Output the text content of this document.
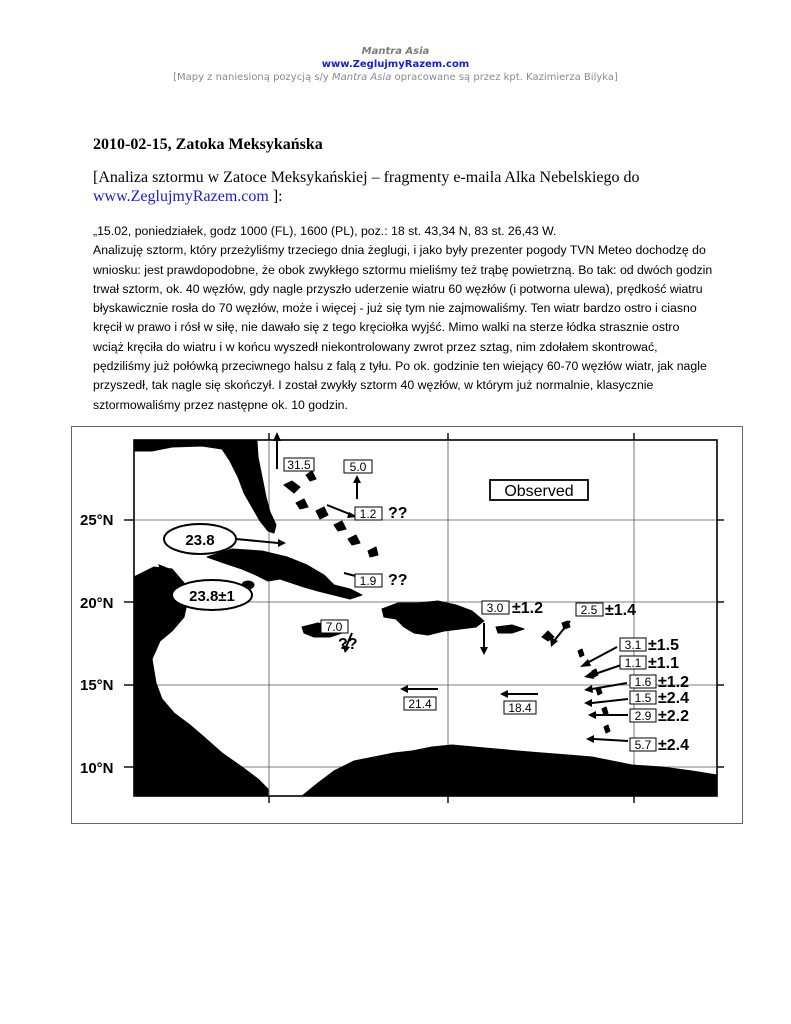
Mantra Asia
www.ZeglujmyRazem.com
[Mapy z naniesioną pozycją s/y Mantra Asia opracowane są przez kpt. Kazimierza Bilyka]
2010-02-15, Zatoka Meksykańska
[Analiza sztormu w Zatoce Meksykańskiej – fragmenty e-maila Alka Nebelskiego do www.ZeglujmyRazem.com ]:

„15.02, poniedziałek, godz 1000 (FL), 1600 (PL), poz.: 18 st. 43,34 N, 83 st. 26,43 W.

Analizuję sztorm, który przeżyliśmy trzeciego dnia żeglugi, i jako były prezenter pogody TVN Meteo dochodzę do wniosku: jest prawdopodobne, że obok zwykłego sztormu mieliśmy też trąbę powietrzną. Bo tak: od dwóch godzin trwał sztorm, ok. 40 węzłów, gdy nagle przyszło uderzenie wiatru 60 węzłów (i potworna ulewa), prędkość wiatru błyskawicznie rosła do 70 węzłów, może i więcej - już się tym nie zajmowaliśmy. Ten wiatr bardzo ostro i ciasno kręcił w prawo i rósł w siłę, nie dawało się z tego kręciołka wyjść. Mimo walki na sterze łódka strasznie ostro wciąż kręciła do wiatru i w końcu wyszedł niekontrolowany zwrot przez sztag, nim zdołałem skontrować, pędziliśmy już połówką przeciwnego halsu z falą z tyłu. Po ok. godzinie ten wiejący 60-70 węzłów wiatr, jak nagle przyszedł, tak nagle się skończył. I został zwykły sztorm 40 węzłów, w którym już normalnie, klasycznie sztormowaliśmy przez następne ok. 10 godzin.

25°N
20°N
15°N
10°N
Observed
23.8
23.8±1
31.5	5.0
1.2
1.9
7.0
3.0	2.5
3.1
1.1
1.6
1.5
2.9
21.4	18.4
5.7
??
??
??
±1.2	±1.4
±1.5
±1.1
±1.2
±2.4
±2.2
±2.4
